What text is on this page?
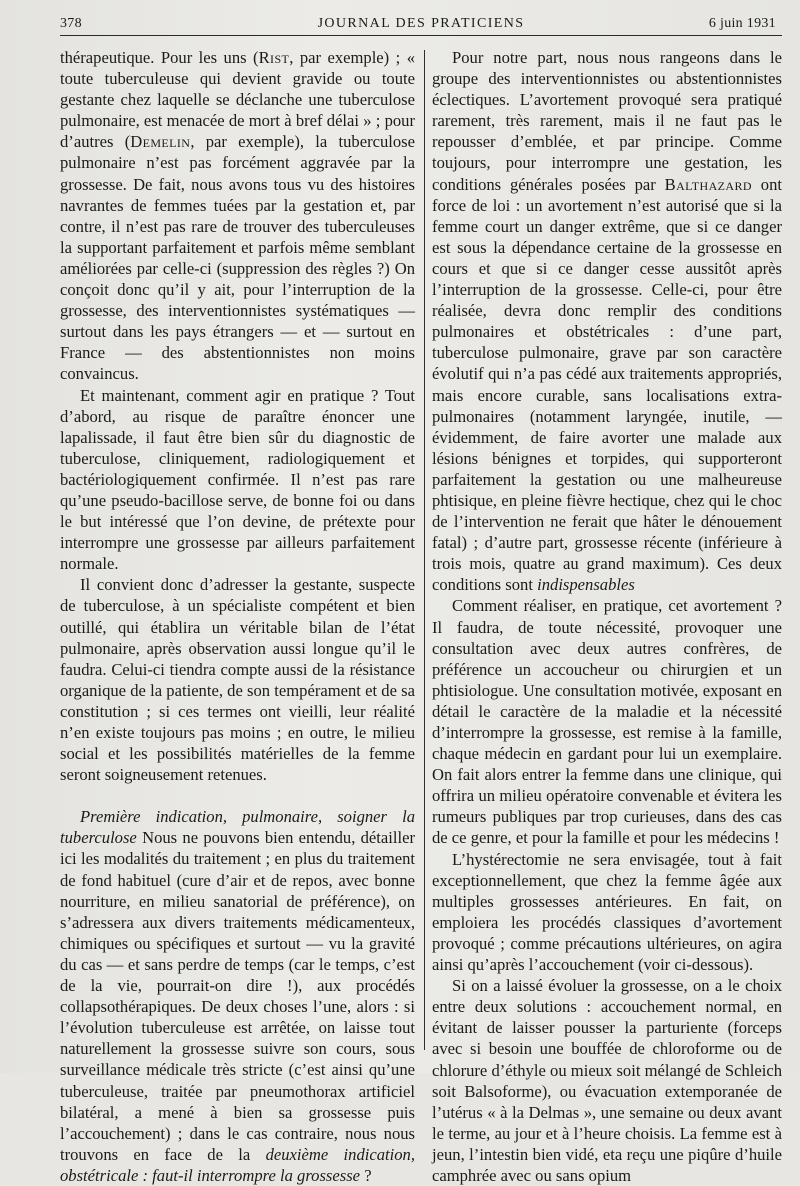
378	JOURNAL DES PRATICIENS	6 juin 1931

thérapeutique. Pour les uns (Rist, par exemple) ; « toute tuberculeuse qui devient gravide ou toute gestante chez laquelle se déclanche une tuberculose pulmonaire, est menacée de mort à bref délai » ; pour d’autres (Demelin, par exemple), la tuberculose pulmonaire n’est pas forcément aggravée par la grossesse. De fait, nous avons tous vu des histoires navrantes de femmes tuées par la gestation et, par contre, il n’est pas rare de trouver des tuberculeuses la supportant parfaitement et parfois même semblant améliorées par celle-ci (suppression des règles ?) On conçoit donc qu’il y ait, pour l’interruption de la grossesse, des interventionnistes systématiques — surtout dans les pays étrangers — et — surtout en France — des abstentionnistes non moins convaincus.

Et maintenant, comment agir en pratique ? Tout d’abord, au risque de paraître énoncer une lapalissade, il faut être bien sûr du diagnostic de tuberculose, cliniquement, radiologiquement et bactériologiquement confirmée. Il n’est pas rare qu’une pseudo-bacillose serve, de bonne foi ou dans le but intéressé que l’on devine, de prétexte pour interrompre une grossesse par ailleurs parfaitement normale.

Il convient donc d’adresser la gestante, suspecte de tuberculose, à un spécialiste compétent et bien outillé, qui établira un véritable bilan de l’état pulmonaire, après observation aussi longue qu’il le faudra. Celui-ci tiendra compte aussi de la résistance organique de la patiente, de son tempérament et de sa constitution ; si ces termes ont vieilli, leur réalité n’en existe toujours pas moins ; en outre, le milieu social et les possibilités matérielles de la femme seront soigneusement retenues.

Première indication, pulmonaire, soigner la tuberculose Nous ne pouvons bien entendu, détailler ici les modalités du traitement ; en plus du traitement de fond habituel (cure d’air et de repos, avec bonne nourriture, en milieu sanatorial de préférence), on s’adressera aux divers traitements médicamenteux, chimiques ou spécifiques et surtout — vu la gravité du cas — et sans perdre de temps (car le temps, c’est de la vie, pourrait-on dire !), aux procédés collapsothérapiques. De deux choses l’une, alors : si l’évolution tuberculeuse est arrêtée, on laisse tout naturellement la grossesse suivre son cours, sous surveillance médicale très stricte (c’est ainsi qu’une tuberculeuse, traitée par pneumothorax artificiel bilatéral, a mené à bien sa grossesse puis l’accouchement) ; dans le cas contraire, nous nous trouvons en face de la deuxième indication, obstétricale : faut-il interrompre la grossesse ?

Pour notre part, nous nous rangeons dans le groupe des interventionnistes ou abstentionnistes éclectiques. L’avortement provoqué sera pratiqué rarement, très rarement, mais il ne faut pas le repousser d’emblée, et par principe. Comme toujours, pour interrompre une gestation, les conditions générales posées par Balthazard ont force de loi : un avortement n’est autorisé que si la femme court un danger extrême, que si ce danger est sous la dépendance certaine de la grossesse en cours et que si ce danger cesse aussitôt après l’interruption de la grossesse. Celle-ci, pour être réalisée, devra donc remplir des conditions pulmonaires et obstétricales : d’une part, tuberculose pulmonaire, grave par son caractère évolutif qui n’a pas cédé aux traitements appropriés, mais encore curable, sans localisations extra-pulmonaires (notamment laryngée, inutile, — évidemment, de faire avorter une malade aux lésions bénignes et torpides, qui supporteront parfaitement la gestation ou une malheureuse phtisique, en pleine fièvre hectique, chez qui le choc de l’intervention ne ferait que hâter le dénouement fatal) ; d’autre part, grossesse récente (inférieure à trois mois, quatre au grand maximum). Ces deux conditions sont indispensables

Comment réaliser, en pratique, cet avortement ? Il faudra, de toute nécessité, provoquer une consultation avec deux autres confrères, de préférence un accoucheur ou chirurgien et un phtisiologue. Une consultation motivée, exposant en détail le caractère de la maladie et la nécessité d’interrompre la grossesse, est remise à la famille, chaque médecin en gardant pour lui un exemplaire. On fait alors entrer la femme dans une clinique, qui offrira un milieu opératoire convenable et évitera les rumeurs publiques par trop curieuses, dans des cas de ce genre, et pour la famille et pour les médecins !

L’hystérectomie ne sera envisagée, tout à fait exceptionnellement, que chez la femme âgée aux multiples grossesses antérieures. En fait, on emploiera les procédés classiques d’avortement provoqué ; comme précautions ultérieures, on agira ainsi qu’après l’accouchement (voir ci-dessous).

Si on a laissé évoluer la grossesse, on a le choix entre deux solutions : accouchement normal, en évitant de laisser pousser la parturiente (forceps avec si besoin une bouffée de chloroforme ou de chlorure d’éthyle ou mieux soit mélangé de Schleich soit Balsoforme), ou évacuation extemporanée de l’utérus « à la Delmas », une semaine ou deux avant le terme, au jour et à l’heure choisis. La femme est à jeun, l’intestin bien vidé, eta reçu une piqûre d’huile camphrée avec ou sans opium
